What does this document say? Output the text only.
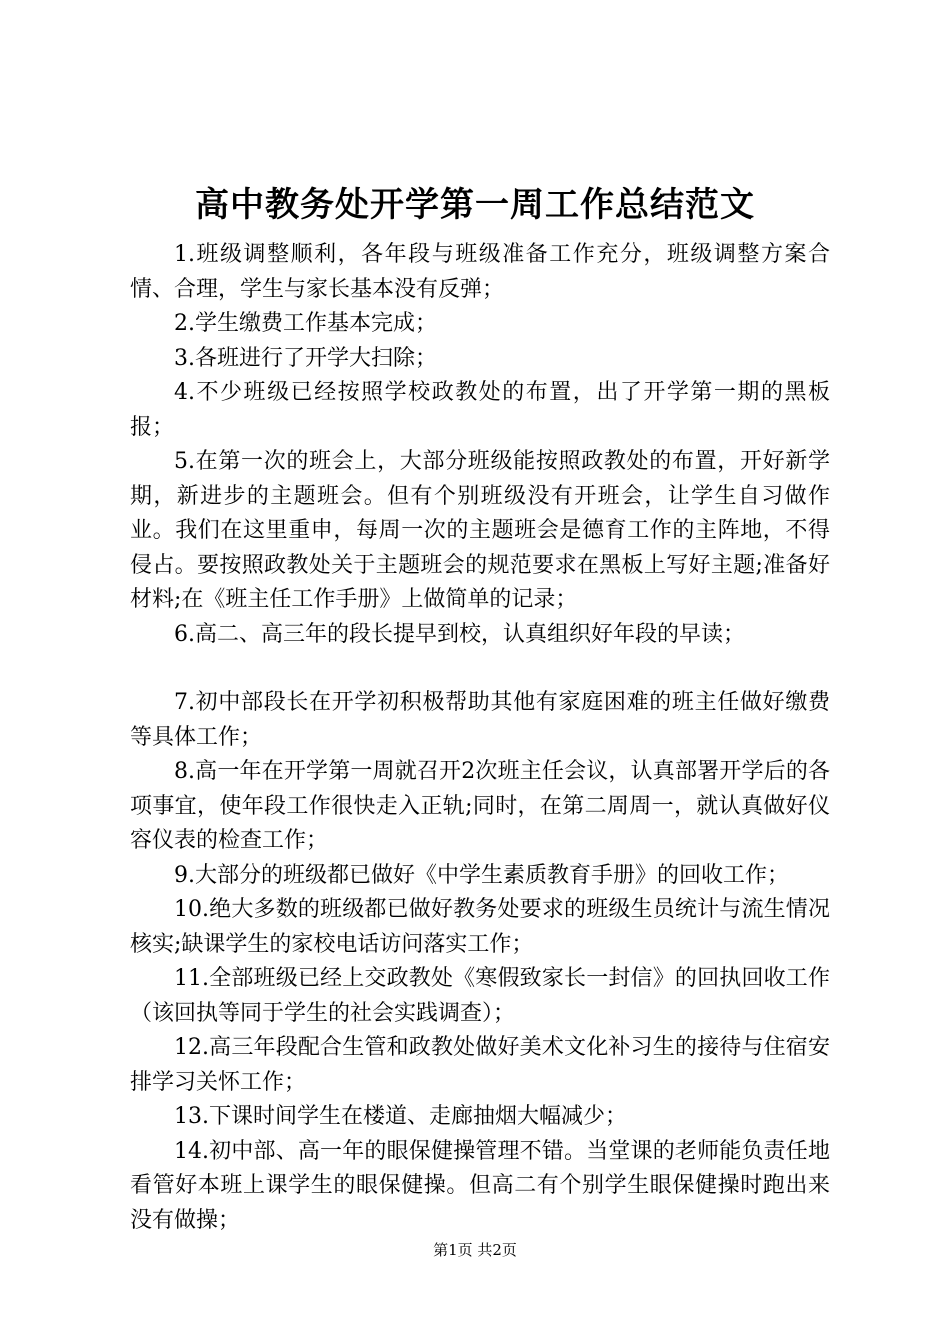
高中教务处开学第一周工作总结范文

1.班级调整顺利，各年段与班级准备工作充分，班级调整方案合情、合理，学生与家长基本没有反弹；

2.学生缴费工作基本完成；

3.各班进行了开学大扫除；

4.不少班级已经按照学校政教处的布置，出了开学第一期的黑板报；

5.在第一次的班会上，大部分班级能按照政教处的布置，开好新学期，新进步的主题班会。但有个别班级没有开班会，让学生自习做作业。我们在这里重申，每周一次的主题班会是德育工作的主阵地，不得侵占。要按照政教处关于主题班会的规范要求在黑板上写好主题;准备好材料;在《班主任工作手册》上做简单的记录；

6.高二、高三年的段长提早到校，认真组织好年段的早读；

7.初中部段长在开学初积极帮助其他有家庭困难的班主任做好缴费等具体工作；

8.高一年在开学第一周就召开2次班主任会议，认真部署开学后的各项事宜，使年段工作很快走入正轨;同时，在第二周周一，就认真做好仪容仪表的检查工作；

9.大部分的班级都已做好《中学生素质教育手册》的回收工作；

10.绝大多数的班级都已做好教务处要求的班级生员统计与流生情况核实;缺课学生的家校电话访问落实工作；

11.全部班级已经上交政教处《寒假致家长一封信》的回执回收工作（该回执等同于学生的社会实践调查）；

12.高三年段配合生管和政教处做好美术文化补习生的接待与住宿安排学习关怀工作；

13.下课时间学生在楼道、走廊抽烟大幅减少；

14.初中部、高一年的眼保健操管理不错。当堂课的老师能负责任地看管好本班上课学生的眼保健操。但高二有个别学生眼保健操时跑出来没有做操；

第1页 共2页
